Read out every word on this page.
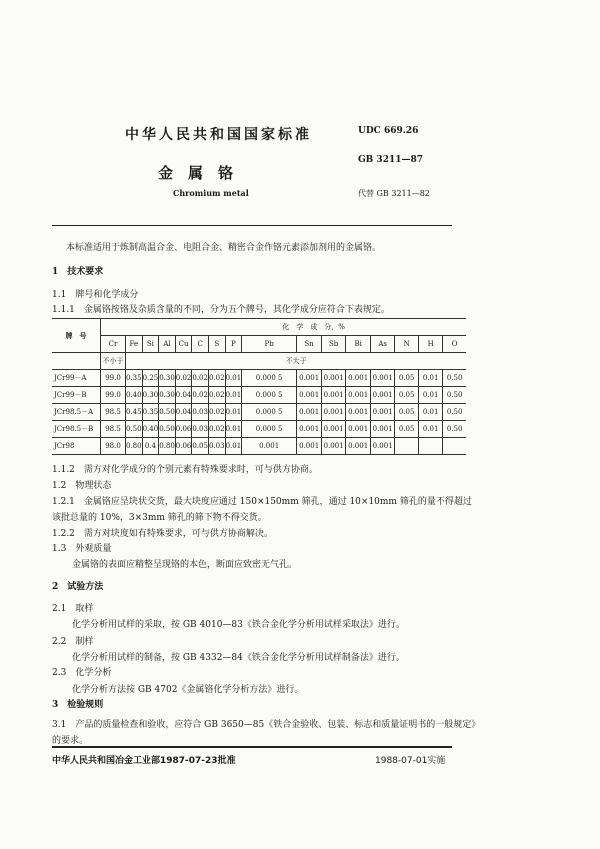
中华人民共和国国家标准	UDC 669.26
GB 3211—87
金　属　铬
Chromium metal	代替 GB 3211—82
本标准适用于炼制高温合金、电阻合金、精密合金作铬元素添加剂用的金属铬。
1　技术要求
1.1　牌号和化学成分
1.1.1　金属铬按铬及杂质含量的不同，分为五个牌号，其化学成分应符合下表规定。
牌　号	化　学　成　分，%															
	Cr	Fe	Si	Al	Cu	C	S	P	Pb	Sn	Sb	Bi	As	N	H	O
	不小于	不大于														
JCr99－A	99.0	0.35	0.25	0.30	0.02	0.02	0.02	0.01	0.000 5	0.001	0.001	0.001	0.001	0.05	0.01	0.50
JCr99－B	99.0	0.40	0.30	0.30	0.04	0.02	0.02	0.01	0.000 5	0.001	0.001	0.001	0.001	0.05	0.01	0.50
JCr98.5－A	98.5	0.45	0.35	0.50	0.04	0.03	0.02	0.01	0.000 5	0.001	0.001	0.001	0.001	0.05	0.01	0.50
JCr98.5－B	98.5	0.50	0.40	0.50	0.06	0.03	0.02	0.01	0.000 5	0.001	0.001	0.001	0.001	0.05	0.01	0.50
JCr98	98.0	0.80	0.4	0.80	0.06	0.05	0.03	0.01	0.001	0.001	0.001	0.001	0.001			
1.1.2　需方对化学成分的个别元素有特殊要求时，可与供方协商。
1.2　物理状态
1.2.1　金属铬应呈块状交货，最大块度应通过 150×150mm 筛孔，通过 10×10mm 筛孔的量不得超过
该批总量的 10%，3×3mm 筛孔的筛下物不得交货。
1.2.2　需方对块度如有特殊要求，可与供方协商解决。
1.3　外观质量
金属铬的表面应精整呈现铬的本色，断面应致密无气孔。
2　试验方法
2.1　取样
化学分析用试样的采取，按 GB 4010—83《铁合金化学分析用试样采取法》进行。
2.2　制样
化学分析用试样的制备，按 GB 4332—84《铁合金化学分析用试样制备法》进行。
2.3　化学分析
化学分析方法按 GB 4702《金属铬化学分析方法》进行。
3　检验规则
3.1　产品的质量检查和验收，应符合 GB 3650—85《铁合金验收、包装、标志和质量证明书的一般规定》
的要求。
中华人民共和国冶金工业部1987-07-23批准	1988-07-01实施
